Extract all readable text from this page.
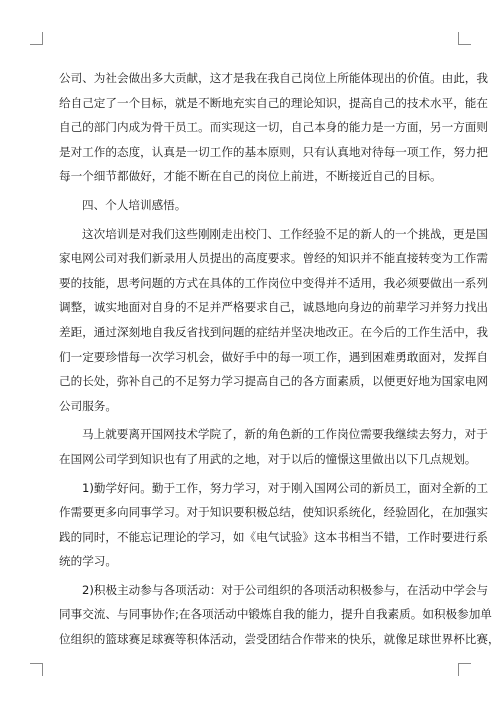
公司、为社会做出多大贡献，这才是我在我自己岗位上所能体现出的价值。由此，我
给自己定了一个目标，就是不断地充实自己的理论知识，提高自己的技术水平，能在
自己的部门内成为骨干员工。而实现这一切，自己本身的能力是一方面，另一方面则
是对工作的态度，认真是一切工作的基本原则，只有认真地对待每一项工作，努力把
每一个细节都做好，才能不断在自己的岗位上前进，不断接近自己的目标。
四、个人培训感悟。
这次培训是对我们这些刚刚走出校门、工作经验不足的新人的一个挑战，更是国
家电网公司对我们新录用人员提出的高度要求。曾经的知识并不能直接转变为工作需
要的技能，思考问题的方式在具体的工作岗位中变得并不适用，我必须要做出一系列
调整，诚实地面对自身的不足并严格要求自己，诚恳地向身边的前辈学习并努力找出
差距，通过深刻地自我反省找到问题的症结并坚决地改正。在今后的工作生活中，我
们一定要珍惜每一次学习机会，做好手中的每一项工作，遇到困难勇敢面对，发挥自
己的长处，弥补自己的不足努力学习提高自己的各方面素质，以便更好地为国家电网
公司服务。
马上就要离开国网技术学院了，新的角色新的工作岗位需要我继续去努力，对于
在国网公司学到知识也有了用武的之地，对于以后的憧憬这里做出以下几点规划。
1)勤学好问。勤于工作，努力学习，对于刚入国网公司的新员工，面对全新的工
作需要更多向同事学习。对于知识要积极总结，使知识系统化，经验固化，在加强实
践的同时，不能忘记理论的学习，如《电气试验》这本书相当不错，工作时要进行系
统的学习。
2)积极主动参与各项活动：对于公司组织的各项活动积极参与，在活动中学会与
同事交流、与同事协作;在各项活动中锻炼自我的能力，提升自我素质。如积极参加单
位组织的篮球赛足球赛等积体活动，尝受团结合作带来的快乐，就像足球世界杯比赛，
